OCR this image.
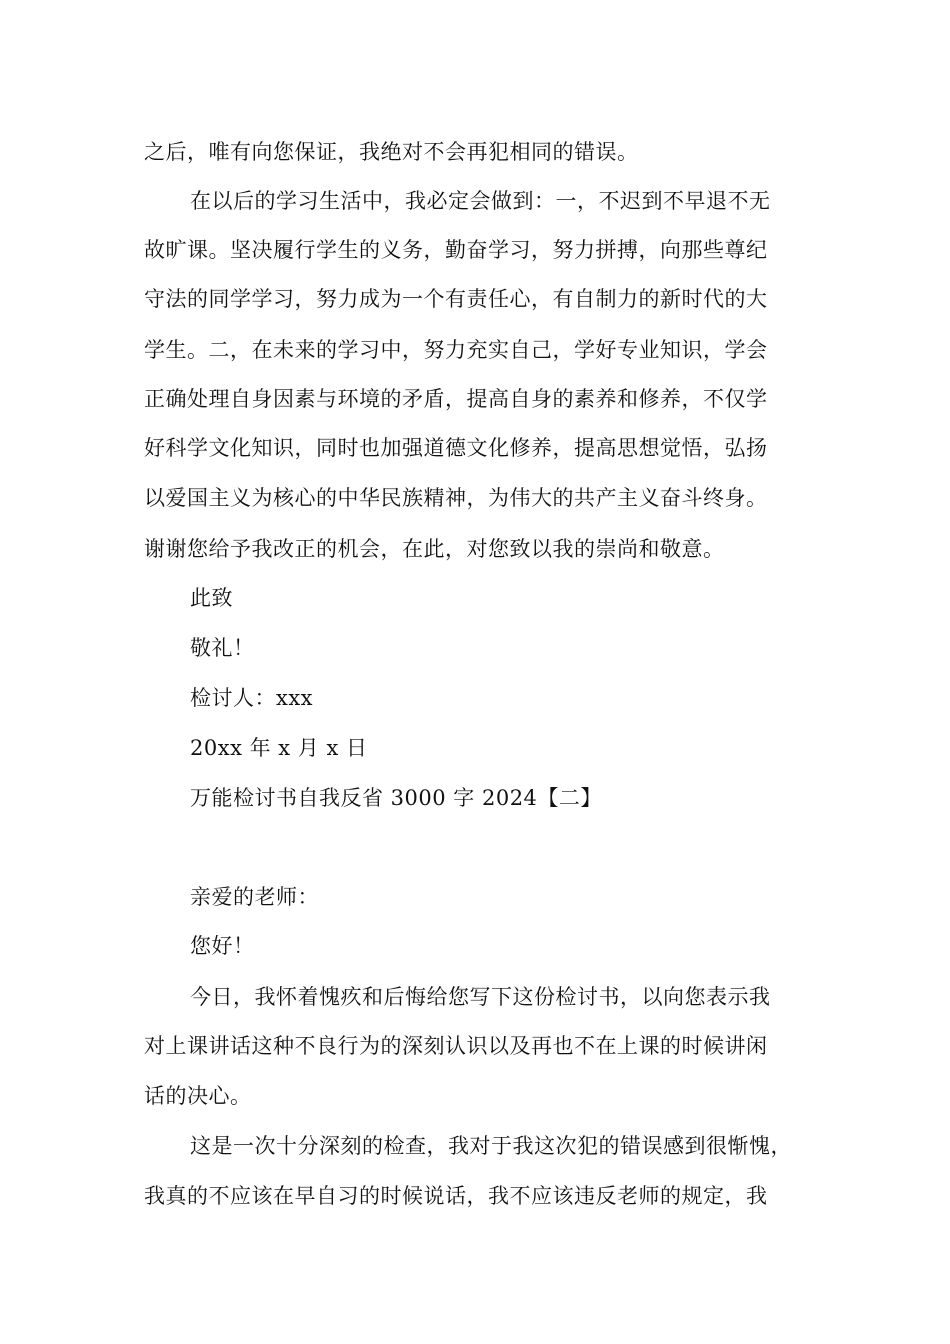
之后，唯有向您保证，我绝对不会再犯相同的错误。
在以后的学习生活中，我必定会做到：一，不迟到不早退不无
故旷课。坚决履行学生的义务，勤奋学习，努力拼搏，向那些尊纪
守法的同学学习，努力成为一个有责任心，有自制力的新时代的大
学生。二，在未来的学习中，努力充实自己，学好专业知识，学会
正确处理自身因素与环境的矛盾，提高自身的素养和修养，不仅学
好科学文化知识，同时也加强道德文化修养，提高思想觉悟，弘扬
以爱国主义为核心的中华民族精神，为伟大的共产主义奋斗终身。
谢谢您给予我改正的机会，在此，对您致以我的崇尚和敬意。
此致
敬礼！
检讨人：xxx
20xx 年 x 月 x 日
万能检讨书自我反省 3000 字 2024【二】
亲爱的老师：
您好！
今日，我怀着愧疚和后悔给您写下这份检讨书，以向您表示我
对上课讲话这种不良行为的深刻认识以及再也不在上课的时候讲闲
话的决心。
这是一次十分深刻的检查，我对于我这次犯的错误感到很惭愧，
我真的不应该在早自习的时候说话，我不应该违反老师的规定，我
